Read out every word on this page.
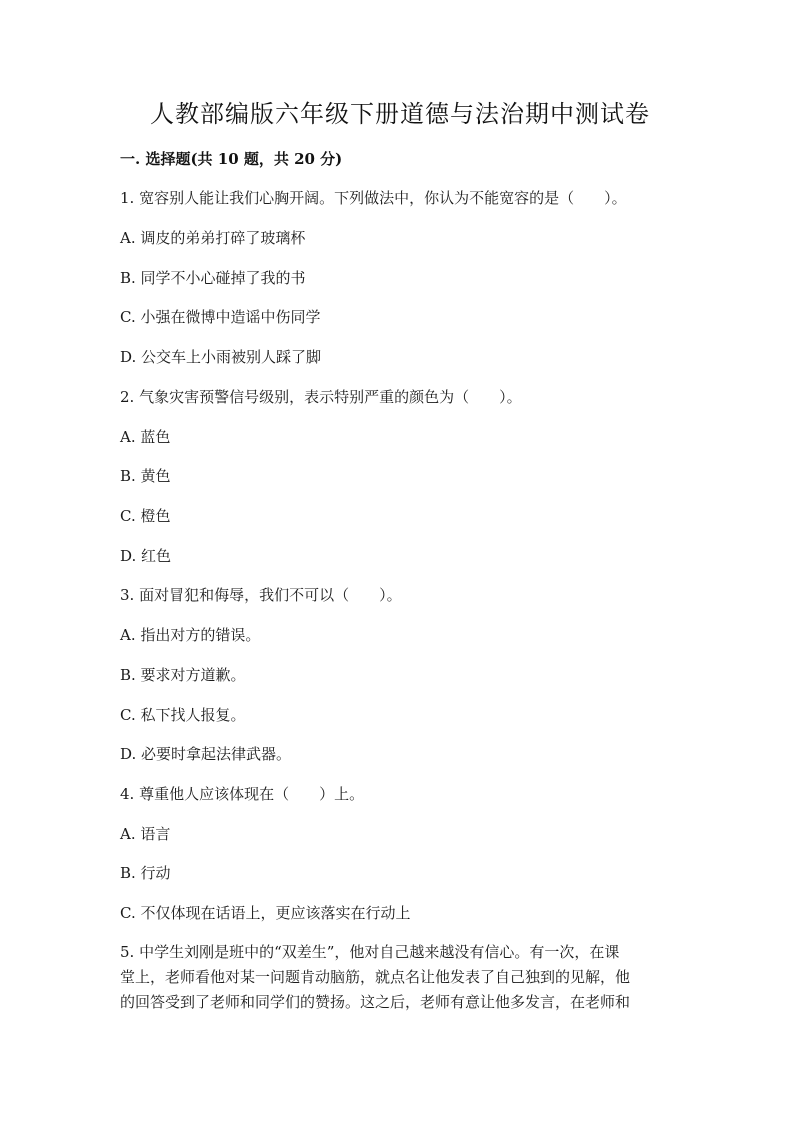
人教部编版六年级下册道德与法治期中测试卷
一. 选择题(共 10 题，共 20 分)
1. 宽容别人能让我们心胸开阔。下列做法中，你认为不能宽容的是（　　）。
A. 调皮的弟弟打碎了玻璃杯
B. 同学不小心碰掉了我的书
C. 小强在微博中造谣中伤同学
D. 公交车上小雨被别人踩了脚
2. 气象灾害预警信号级别，表示特别严重的颜色为（　　）。
A. 蓝色
B. 黄色
C. 橙色
D. 红色
3. 面对冒犯和侮辱，我们不可以（　　）。
A. 指出对方的错误。
B. 要求对方道歉。
C. 私下找人报复。
D. 必要时拿起法律武器。
4. 尊重他人应该体现在（　　）上。
A. 语言
B. 行动
C. 不仅体现在话语上，更应该落实在行动上
5. 中学生刘刚是班中的“双差生”，他对自己越来越没有信心。有一次，在课
堂上，老师看他对某一问题肯动脑筋，就点名让他发表了自己独到的见解，他
的回答受到了老师和同学们的赞扬。这之后，老师有意让他多发言，在老师和
